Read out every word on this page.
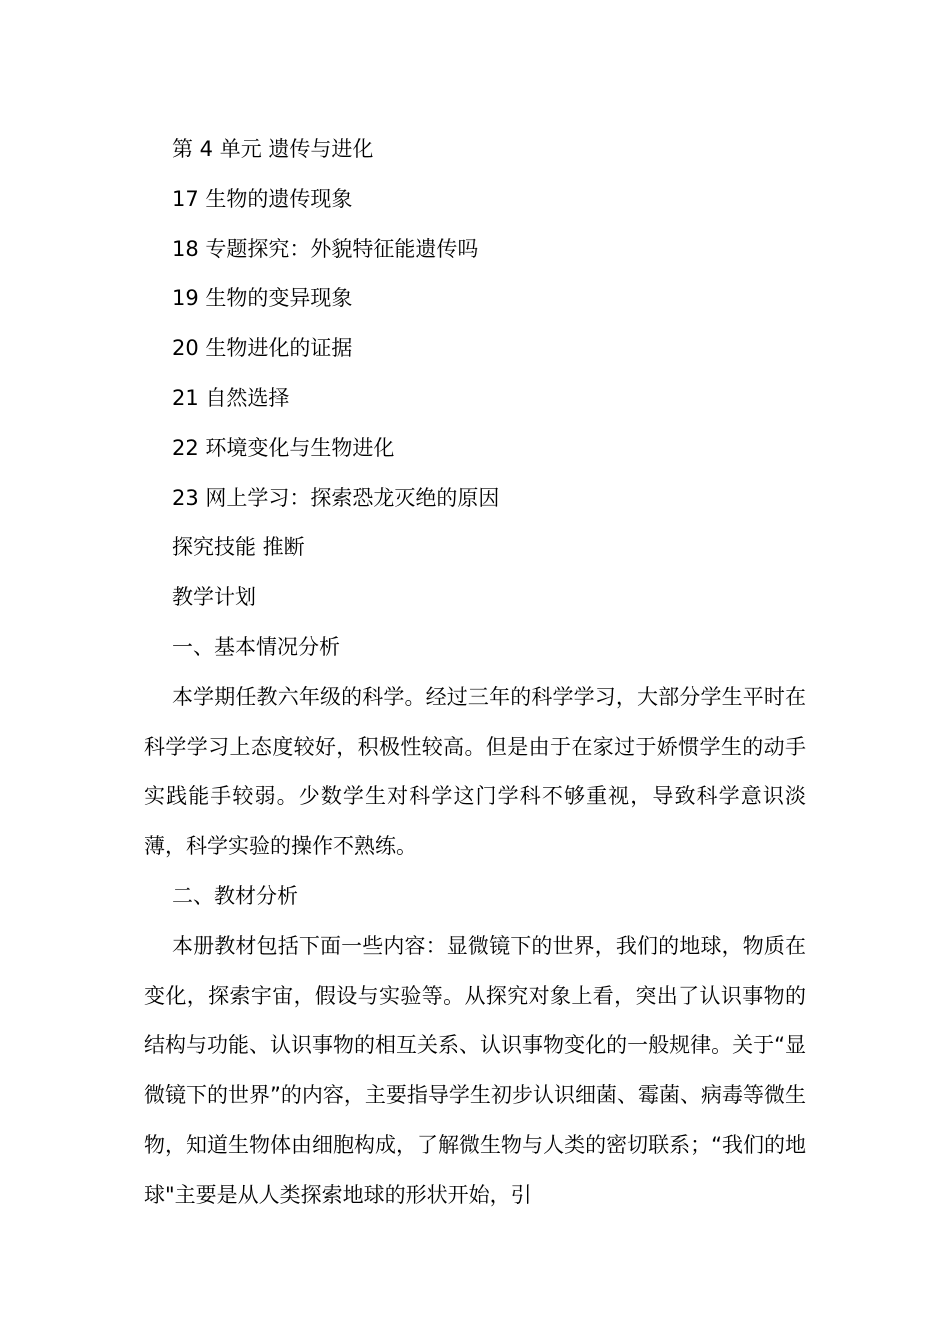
第 4 单元 遗传与进化
17 生物的遗传现象
18 专题探究：外貌特征能遗传吗
19 生物的变异现象
20 生物进化的证据
21 自然选择
22 环境变化与生物进化
23 网上学习：探索恐龙灭绝的原因
探究技能 推断
教学计划
一、基本情况分析

本学期任教六年级的科学。经过三年的科学学习，大部分学生平时在科学学习上态度较好，积极性较高。但是由于在家过于娇惯学生的动手实践能手较弱。少数学生对科学这门学科不够重视，导致科学意识淡薄，科学实验的操作不熟练。

二、教材分析

本册教材包括下面一些内容：显微镜下的世界，我们的地球，物质在变化，探索宇宙，假设与实验等。从探究对象上看，突出了认识事物的结构与功能、认识事物的相互关系、认识事物变化的一般规律。关于“显微镜下的世界”的内容，主要指导学生初步认识细菌、霉菌、病毒等微生物，知道生物体由细胞构成，了解微生物与人类的密切联系；“我们的地球"主要是从人类探索地球的形状开始，引
